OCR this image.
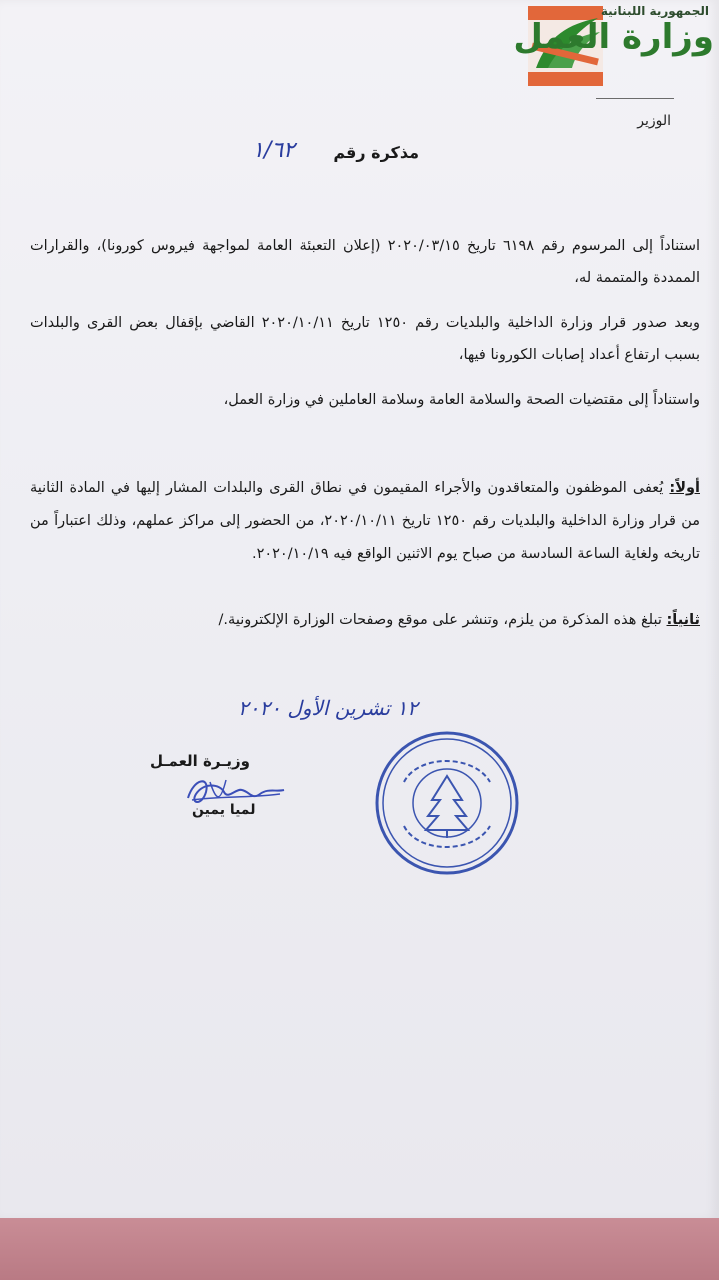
الجمهورية اللبنانية
وزارة العمل
الوزير
مذكرة رقم
١/٦٢
استناداً إلى المرسوم رقم ٦١٩٨ تاريخ ٢٠٢٠/٠٣/١٥ (إعلان التعبئة العامة لمواجهة فيروس كورونا)، والقرارات الممددة والمتممة له،
وبعد صدور قرار وزارة الداخلية والبلديات رقم ١٢٥٠ تاريخ ٢٠٢٠/١٠/١١ القاضي بإقفال بعض القرى والبلدات بسبب ارتفاع أعداد إصابات الكورونا فيها،
واستناداً إلى مقتضيات الصحة والسلامة العامة وسلامة العاملين في وزارة العمل،
أولاً: يُعفى الموظفون والمتعاقدون والأجراء المقيمون في نطاق القرى والبلدات المشار إليها في المادة الثانية من قرار وزارة الداخلية والبلديات رقم ١٢٥٠ تاريخ ٢٠٢٠/١٠/١١، من الحضور إلى مراكز عملهم، وذلك اعتباراً من تاريخه ولغاية الساعة السادسة من صباح يوم الاثنين الواقع فيه ٢٠٢٠/١٠/١٩.
ثانياً: تبلغ هذه المذكرة من يلزم، وتنشر على موقع وصفحات الوزارة الإلكترونية./
١٢ تشرين الأول ٢٠٢٠
وزيـرة العمـل
لميا يمين
